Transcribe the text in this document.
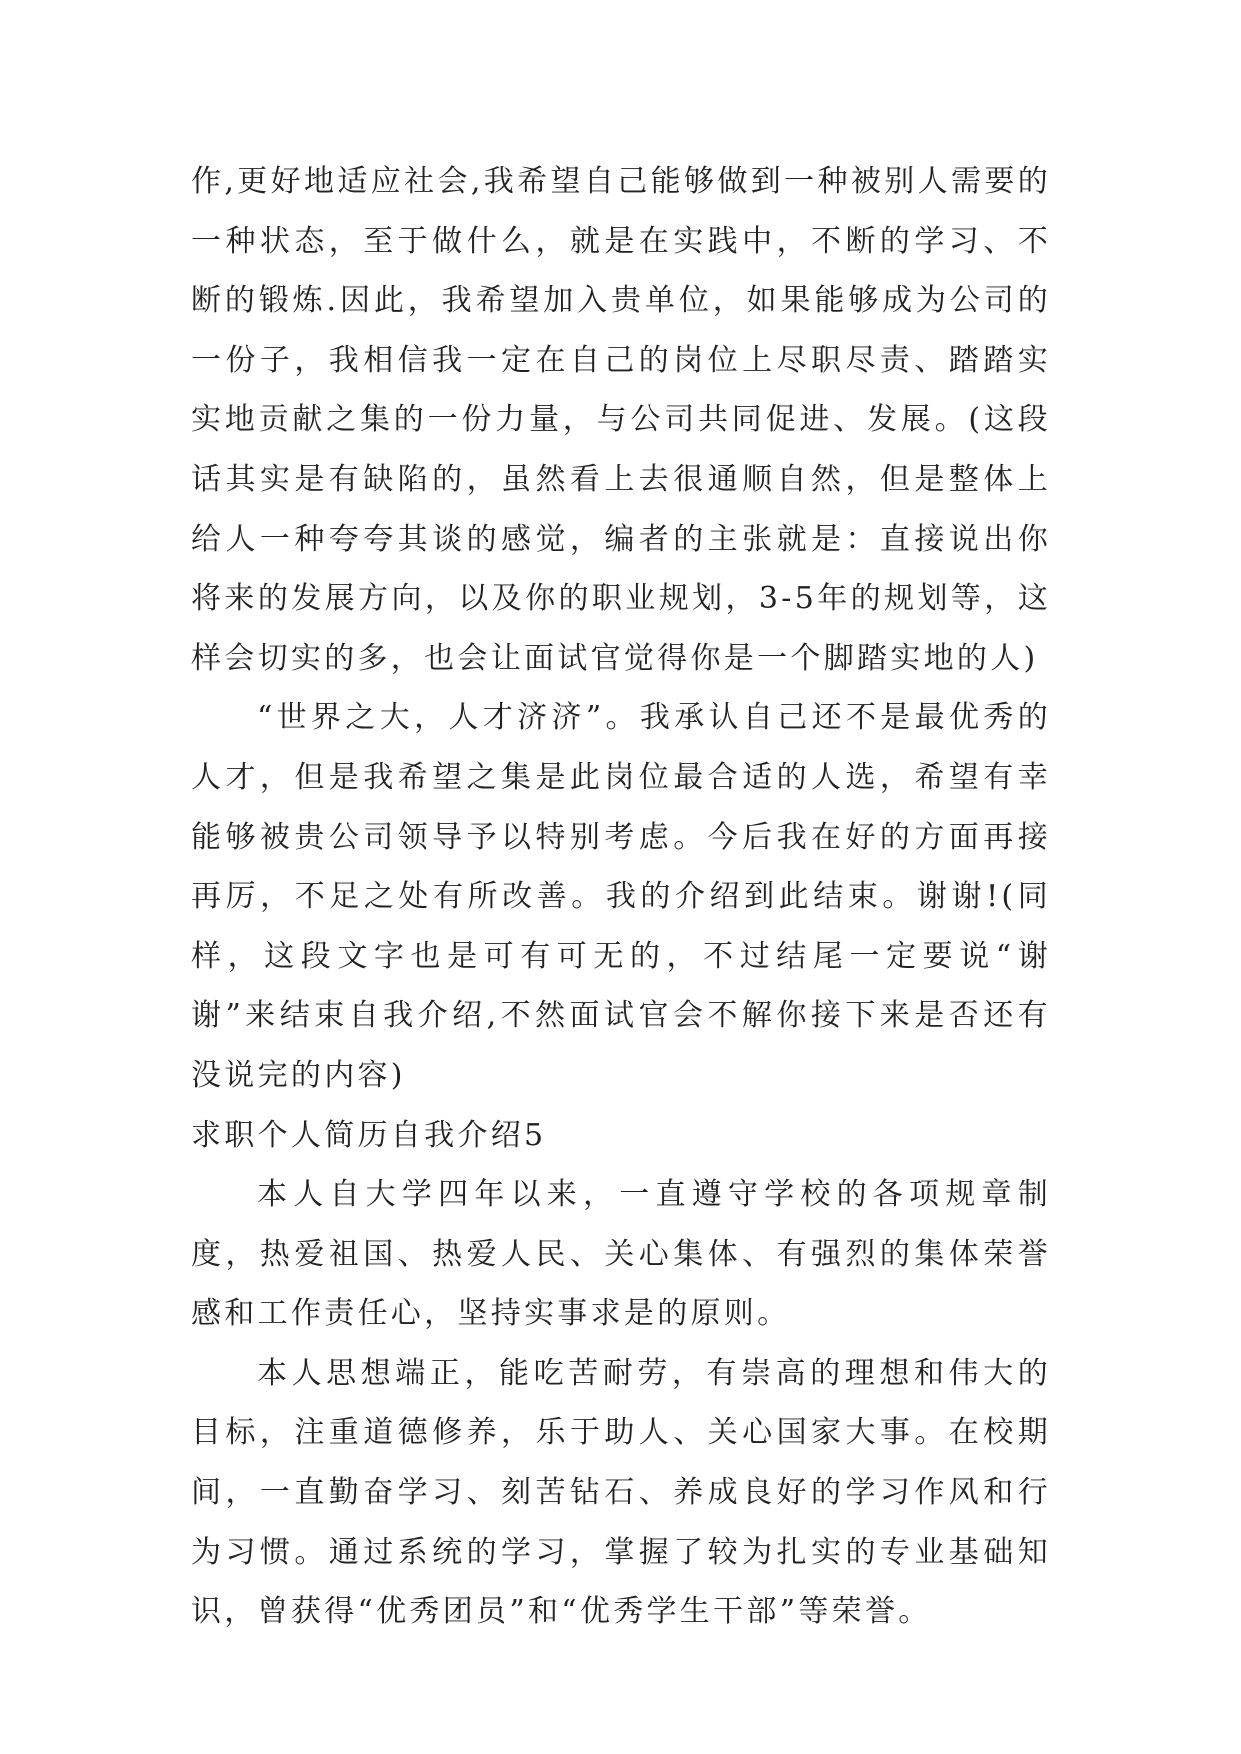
作,更好地适应社会,我希望自己能够做到一种被别人需要的一种状态，至于做什么，就是在实践中，不断的学习、不断的锻炼.因此，我希望加入贵单位，如果能够成为公司的一份子，我相信我一定在自己的岗位上尽职尽责、踏踏实实地贡献之集的一份力量，与公司共同促进、发展。(这段话其实是有缺陷的，虽然看上去很通顺自然，但是整体上给人一种夸夸其谈的感觉，编者的主张就是：直接说出你将来的发展方向，以及你的职业规划，3-5年的规划等，这样会切实的多，也会让面试官觉得你是一个脚踏实地的人)

“世界之大，人才济济”。我承认自己还不是最优秀的人才，但是我希望之集是此岗位最合适的人选，希望有幸能够被贵公司领导予以特别考虑。今后我在好的方面再接再厉，不足之处有所改善。我的介绍到此结束。谢谢!(同样，这段文字也是可有可无的，不过结尾一定要说“谢谢”来结束自我介绍,不然面试官会不解你接下来是否还有没说完的内容)

求职个人简历自我介绍5

本人自大学四年以来，一直遵守学校的各项规章制度，热爱祖国、热爱人民、关心集体、有强烈的集体荣誉感和工作责任心，坚持实事求是的原则。

本人思想端正，能吃苦耐劳，有崇高的理想和伟大的目标，注重道德修养，乐于助人、关心国家大事。在校期间，一直勤奋学习、刻苦钻石、养成良好的学习作风和行为习惯。通过系统的学习，掌握了较为扎实的专业基础知识，曾获得“优秀团员”和“优秀学生干部”等荣誉。
